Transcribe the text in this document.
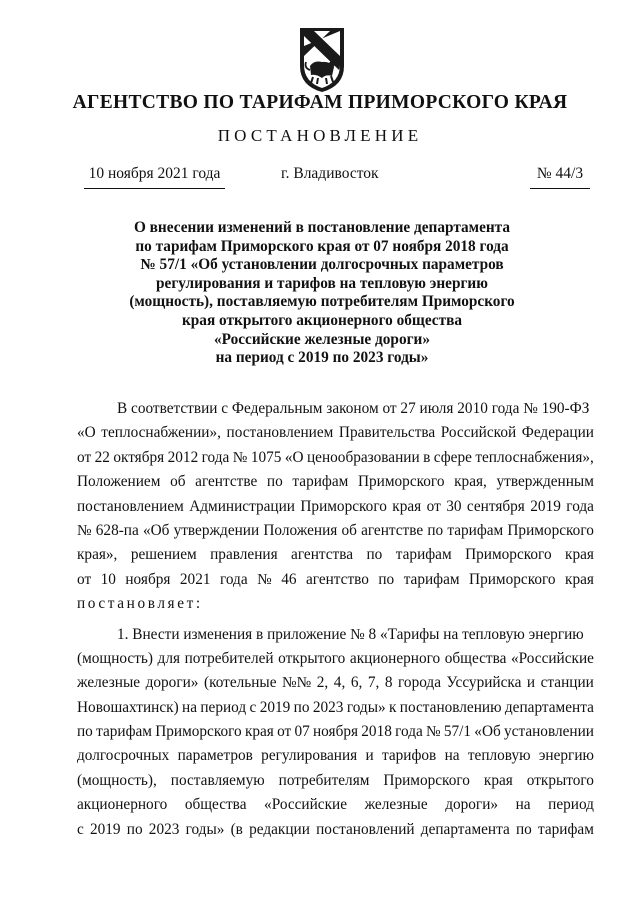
АГЕНТСТВО ПО ТАРИФАМ ПРИМОРСКОГО КРАЯ
ПОСТАНОВЛЕНИЕ
10 ноября 2021 года	г. Владивосток	№ 44/3
О внесении изменений в постановление департамента
по тарифам Приморского края от 07 ноября 2018 года
№ 57/1 «Об установлении долгосрочных параметров
регулирования и тарифов на тепловую энергию
(мощность), поставляемую потребителям Приморского
края открытого акционерного общества
«Российские железные дороги»
на период с 2019 по 2023 годы»
В соответствии с Федеральным законом от 27 июля 2010 года № 190-ФЗ
«О теплоснабжении», постановлением Правительства Российской Федерации
от 22 октября 2012 года № 1075 «О ценообразовании в сфере теплоснабжения»,
Положением об агентстве по тарифам Приморского края, утвержденным
постановлением Администрации Приморского края от 30 сентября 2019 года
№ 628-па «Об утверждении Положения об агентстве по тарифам Приморского
края», решением правления агентства по тарифам Приморского края
от 10 ноября 2021 года № 46 агентство по тарифам Приморского края
постановляет:
1. Внести изменения в приложение № 8 «Тарифы на тепловую энергию
(мощность) для потребителей открытого акционерного общества «Российские
железные дороги» (котельные №№ 2, 4, 6, 7, 8 города Уссурийска и станции
Новошахтинск) на период с 2019 по 2023 годы» к постановлению департамента
по тарифам Приморского края от 07 ноября 2018 года № 57/1 «Об установлении
долгосрочных параметров регулирования и тарифов на тепловую энергию
(мощность), поставляемую потребителям Приморского края открытого
акционерного общества «Российские железные дороги» на период
с 2019 по 2023 годы» (в редакции постановлений департамента по тарифам
